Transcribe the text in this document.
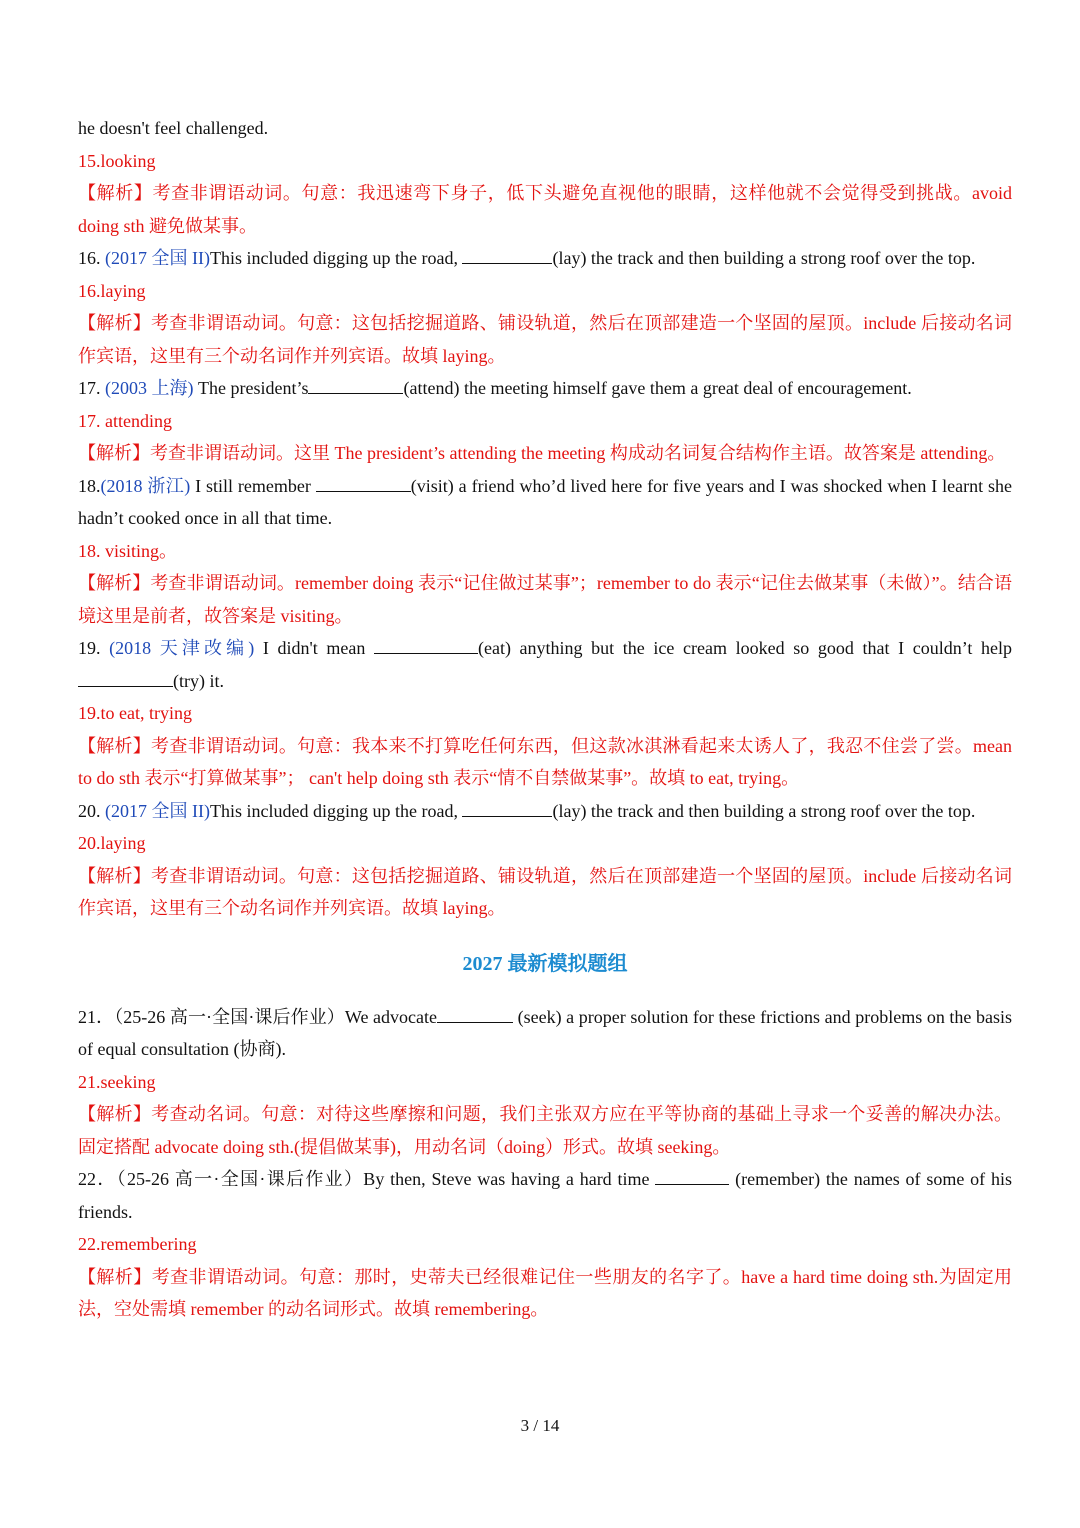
he doesn't feel challenged.

15.looking

【解析】考查非谓语动词。句意：我迅速弯下身子，低下头避免直视他的眼睛，这样他就不会觉得受到挑战。avoid doing sth 避免做某事。

16. (2017 全国 II)This included digging up the road,	(lay) the track and then building a strong roof over the top.

16.laying

【解析】考查非谓语动词。句意：这包括挖掘道路、铺设轨道，然后在顶部建造一个坚固的屋顶。include 后接动名词作宾语，这里有三个动名词作并列宾语。故填 laying。

17. (2003 上海) The president’s	(attend) the meeting himself gave them a great deal of encouragement.

17. attending

【解析】考查非谓语动词。这里 The president’s attending the meeting 构成动名词复合结构作主语。故答案是 attending。

18.(2018 浙江) I still remember	(visit) a friend who’d lived here for five years and I was shocked when I learnt she hadn’t cooked once in all that time.

18. visiting。

【解析】考查非谓语动词。remember doing 表示“记住做过某事”；remember to do 表示“记住去做某事（未做）”。结合语境这里是前者，故答案是 visiting。

19. (2018 天津改编) I didn't mean	(eat) anything but the ice cream looked so good that I couldn’t help (try) it.

19.to eat, trying

【解析】考查非谓语动词。句意：我本来不打算吃任何东西，但这款冰淇淋看起来太诱人了，我忍不住尝了尝。mean to do sth 表示“打算做某事”； can't help doing sth 表示“情不自禁做某事”。故填 to eat, trying。

20. (2017 全国 II)This included digging up the road,	(lay) the track and then building a strong roof over the top.

20.laying

【解析】考查非谓语动词。句意：这包括挖掘道路、铺设轨道，然后在顶部建造一个坚固的屋顶。include 后接动名词作宾语，这里有三个动名词作并列宾语。故填 laying。

2027 最新模拟题组

21．（25-26 高一·全国·课后作业）We advocate	(seek) a proper solution for these frictions and problems on the basis of equal consultation (协商).

21.seeking

【解析】考查动名词。句意：对待这些摩擦和问题，我们主张双方应在平等协商的基础上寻求一个妥善的解决办法。固定搭配 advocate doing sth.(提倡做某事)，用动名词（doing）形式。故填 seeking。

22．（25-26 高一·全国·课后作业）By then, Steve was having a hard time	(remember) the names of some of his friends.

22.remembering

【解析】考查非谓语动词。句意：那时，史蒂夫已经很难记住一些朋友的名字了。have a hard time doing sth.为固定用法，空处需填 remember 的动名词形式。故填 remembering。

3 / 14
